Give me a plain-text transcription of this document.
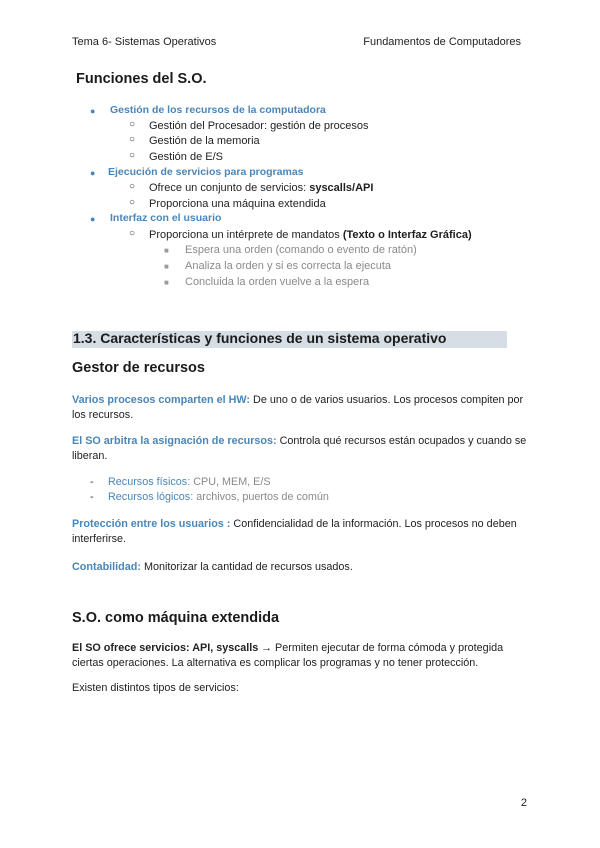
Tema 6- Sistemas Operativos	Fundamentos de Computadores
Funciones del S.O.
● Gestión de los recursos de la computadora
○ Gestión del Procesador: gestión de procesos
○ Gestión de la memoria
○ Gestión de E/S
● Ejecución de servicios para programas
○ Ofrece un conjunto de servicios: syscalls/API
○ Proporciona una máquina extendida
● Interfaz con el usuario
○ Proporciona un intérprete de mandatos (Texto o Interfaz Gráfica)
■ Espera una orden (comando o evento de ratón)
■ Analiza la orden y si es correcta la ejecuta
■ Concluida la orden vuelve a la espera
1.3. Características y funciones de un sistema operativo
Gestor de recursos
Varios procesos comparten el HW: De uno o de varios usuarios. Los procesos compiten por
los recursos.
El SO arbitra la asignación de recursos: Controla qué recursos están ocupados y cuando se
liberan.
- Recursos físicos: CPU, MEM, E/S
- Recursos lógicos: archivos, puertos de común
Protección entre los usuarios : Confidencialidad de la información. Los procesos no deben
interferirse.
Contabilidad: Monitorizar la cantidad de recursos usados.
S.O. como máquina extendida
El SO ofrece servicios: API, syscalls → Permiten ejecutar de forma cómoda y protegida
ciertas operaciones. La alternativa es complicar los programas y no tener protección.
Existen distintos tipos de servicios:
2
